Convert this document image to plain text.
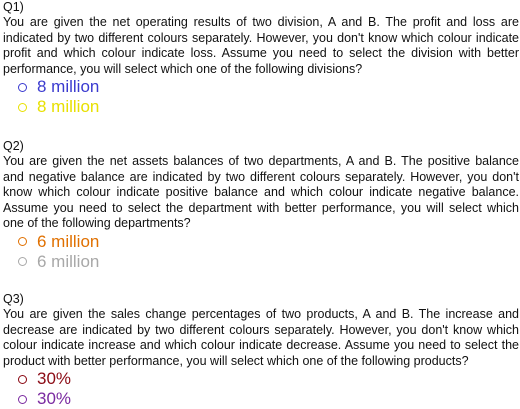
Q1)

You are given the net operating results of two division, A and B. The profit and loss are indicated by two different colours separately. However, you don't know which colour indicate profit and which colour indicate loss. Assume you need to select the division with better performance, you will select which one of the following divisions?

8 million
8 million

Q2)

You are given the net assets balances of two departments, A and B. The positive balance and negative balance are indicated by two different colours separately. However, you don't know which colour indicate positive balance and which colour indicate negative balance. Assume you need to select the department with better performance, you will select which one of the following departments?

6 million
6 million

Q3)

You are given the sales change percentages of two products, A and B. The increase and decrease are indicated by two different colours separately. However, you don't know which colour indicate increase and which colour indicate decrease. Assume you need to select the product with better performance, you will select which one of the following products?

30%
30%
